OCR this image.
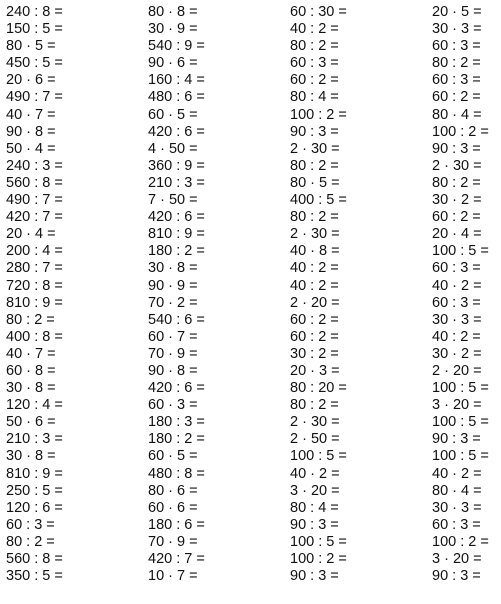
240 : 8 =
150 : 5 =
80 · 5 =
450 : 5 =
20 · 6 =
490 : 7 =
40 · 7 =
90 · 8 =
50 · 4 =
240 : 3 =
560 : 8 =
490 : 7 =
420 : 7 =
20 · 4 =
200 : 4 =
280 : 7 =
720 : 8 =
810 : 9 =
80 : 2 =
400 : 8 =
40 · 7 =
60 · 8 =
30 · 8 =
120 : 4 =
50 · 6 =
210 : 3 =
30 · 8 =
810 : 9 =
250 : 5 =
120 : 6 =
60 : 3 =
80 : 2 =
560 : 8 =
350 : 5 =
80 · 8 =
30 · 9 =
540 : 9 =
90 · 6 =
160 : 4 =
480 : 6 =
60 · 5 =
420 : 6 =
4 · 50 =
360 : 9 =
210 : 3 =
7 · 50 =
420 : 6 =
810 : 9 =
180 : 2 =
30 · 8 =
90 · 9 =
70 · 2 =
540 : 6 =
60 · 7 =
70 · 9 =
90 · 8 =
420 : 6 =
60 · 3 =
180 : 3 =
180 : 2 =
60 · 5 =
480 : 8 =
80 · 6 =
60 · 6 =
180 : 6 =
70 · 9 =
420 : 7 =
10 · 7 =
60 : 30 =
40 : 2 =
80 : 2 =
60 : 3 =
60 : 2 =
80 : 4 =
100 : 2 =
90 : 3 =
2 · 30 =
80 : 2 =
80 · 5 =
400 : 5 =
80 : 2 =
2 · 30 =
40 · 8 =
40 : 2 =
40 : 2 =
2 · 20 =
60 : 2 =
60 : 2 =
30 : 2 =
20 · 3 =
80 : 20 =
80 : 2 =
2 · 30 =
2 · 50 =
100 : 5 =
40 · 2 =
3 · 20 =
80 : 4 =
90 : 3 =
100 : 5 =
100 : 2 =
90 : 3 =
20 · 5 =
30 · 3 =
60 : 3 =
80 : 2 =
60 : 3 =
60 : 2 =
80 · 4 =
100 : 2 =
90 : 3 =
2 · 30 =
80 : 2 =
30 · 2 =
60 : 2 =
20 · 4 =
100 : 5 =
60 : 3 =
40 · 2 =
60 : 3 =
30 · 3 =
40 : 2 =
30 · 2 =
2 · 20 =
100 : 5 =
3 · 20 =
100 : 5 =
90 : 3 =
100 : 5 =
40 · 2 =
80 · 4 =
30 · 3 =
60 : 3 =
100 : 2 =
3 · 20 =
90 : 3 =
